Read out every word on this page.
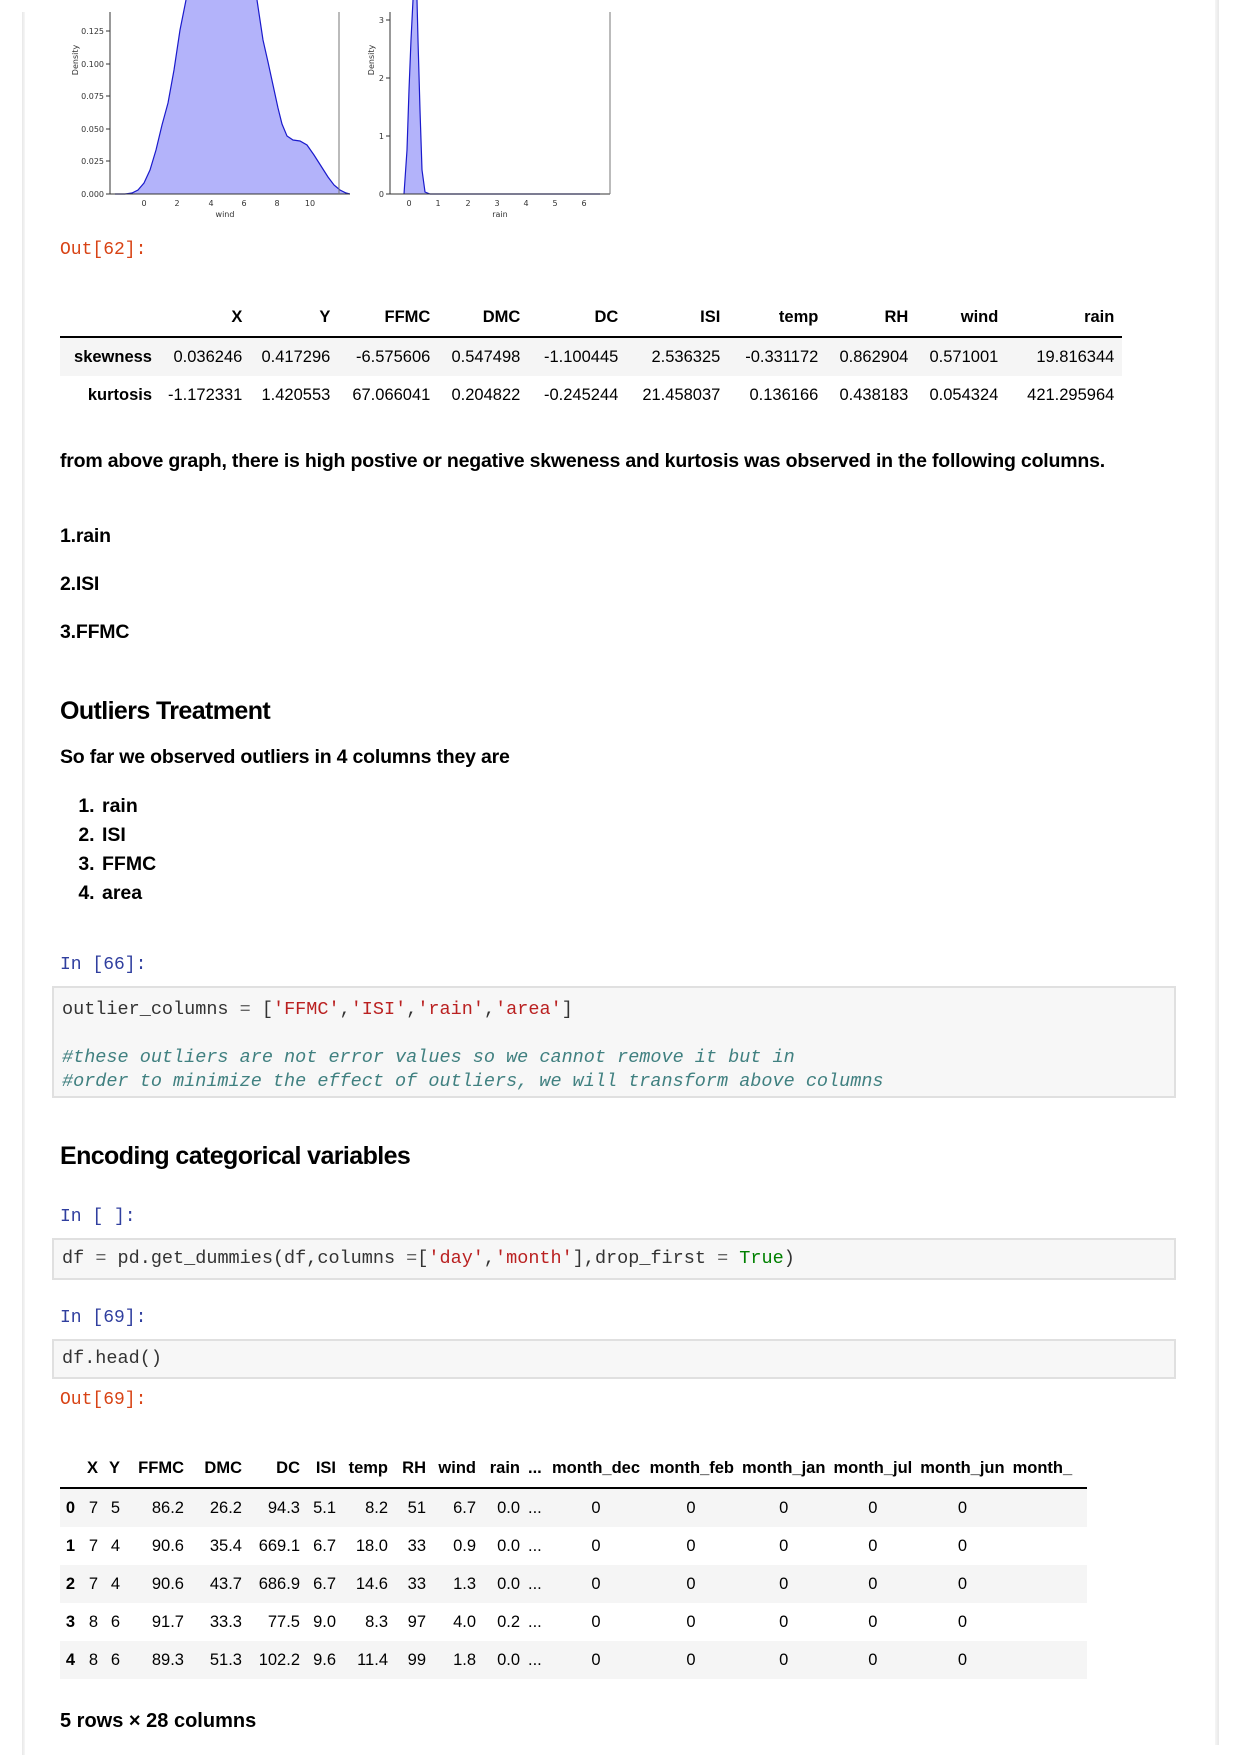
0.000
0.025
0.050
0.075
0.100
0.125
0	2	4	6	8	10
wind
Density
0
1
2
3
0	1	2	3	4	5	6
rain
Density
Out[62]:
	X	Y	FFMC	DMC	DC	ISI	temp	RH	wind	rain
skewness	0.036246	0.417296	-6.575606	0.547498	-1.100445	2.536325	-0.331172	0.862904	0.571001	19.816344
kurtosis	-1.172331	1.420553	67.066041	0.204822	-0.245244	21.458037	0.136166	0.438183	0.054324	421.295964
from above graph, there is high postive or negative skweness and kurtosis was observed in the following columns.
1.rain
2.ISI
3.FFMC
Outliers Treatment
So far we observed outliers in 4 columns they are
1. rain
2. ISI
3. FFMC
4. area
In [66]:
outlier_columns = ['FFMC','ISI','rain','area']
#these outliers are not error values so we cannot remove it but in
#order to minimize the effect of outliers, we will transform above columns
Encoding categorical variables
In [ ]:
df = pd.get_dummies(df,columns =['day','month'],drop_first = True)
In [69]:
df.head()
Out[69]:
	X	Y	FFMC	DMC	DC	ISI	temp	RH	wind	rain	...	month_dec	month_feb	month_jan	month_jul	month_jun	month_
0	7	5	86.2	26.2	94.3	5.1	8.2	51	6.7	0.0	...	0	0	0	0	0	
1	7	4	90.6	35.4	669.1	6.7	18.0	33	0.9	0.0	...	0	0	0	0	0	
2	7	4	90.6	43.7	686.9	6.7	14.6	33	1.3	0.0	...	0	0	0	0	0	
3	8	6	91.7	33.3	77.5	9.0	8.3	97	4.0	0.2	...	0	0	0	0	0	
4	8	6	89.3	51.3	102.2	9.6	11.4	99	1.8	0.0	...	0	0	0	0	0	
5 rows × 28 columns
